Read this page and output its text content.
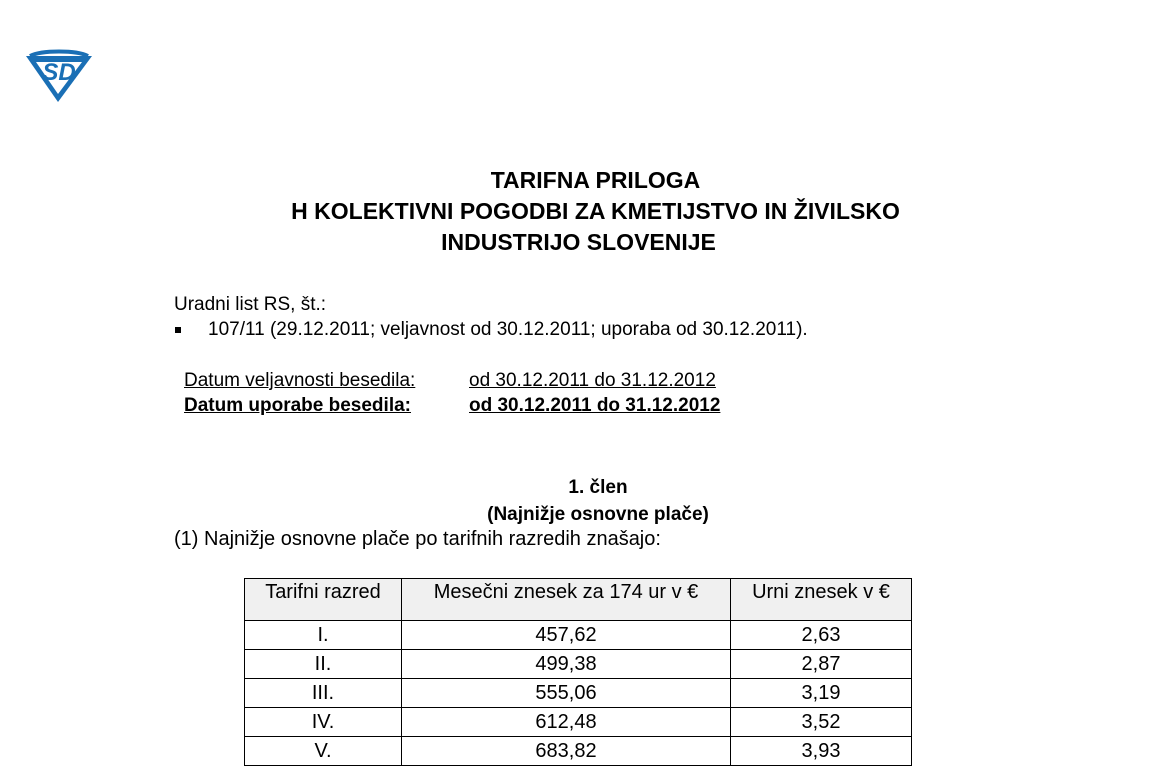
SD
TARIFNA PRILOGA
H KOLEKTIVNI POGODBI ZA KMETIJSTVO IN ŽIVILSKO
INDUSTRIJO SLOVENIJE
Uradni list RS, št.:
107/11 (29.12.2011; veljavnost od 30.12.2011; uporaba od 30.12.2011).
Datum veljavnosti besedila:	od 30.12.2011 do 31.12.2012
Datum uporabe besedila:	od 30.12.2011 do 31.12.2012
1. člen
(Najnižje osnovne plače)
(1) Najnižje osnovne plače po tarifnih razredih znašajo:
Tarifni razred	Mesečni znesek za 174 ur v €	Urni znesek v €
I.	457,62	2,63
II.	499,38	2,87
III.	555,06	3,19
IV.	612,48	3,52
V.	683,82	3,93
